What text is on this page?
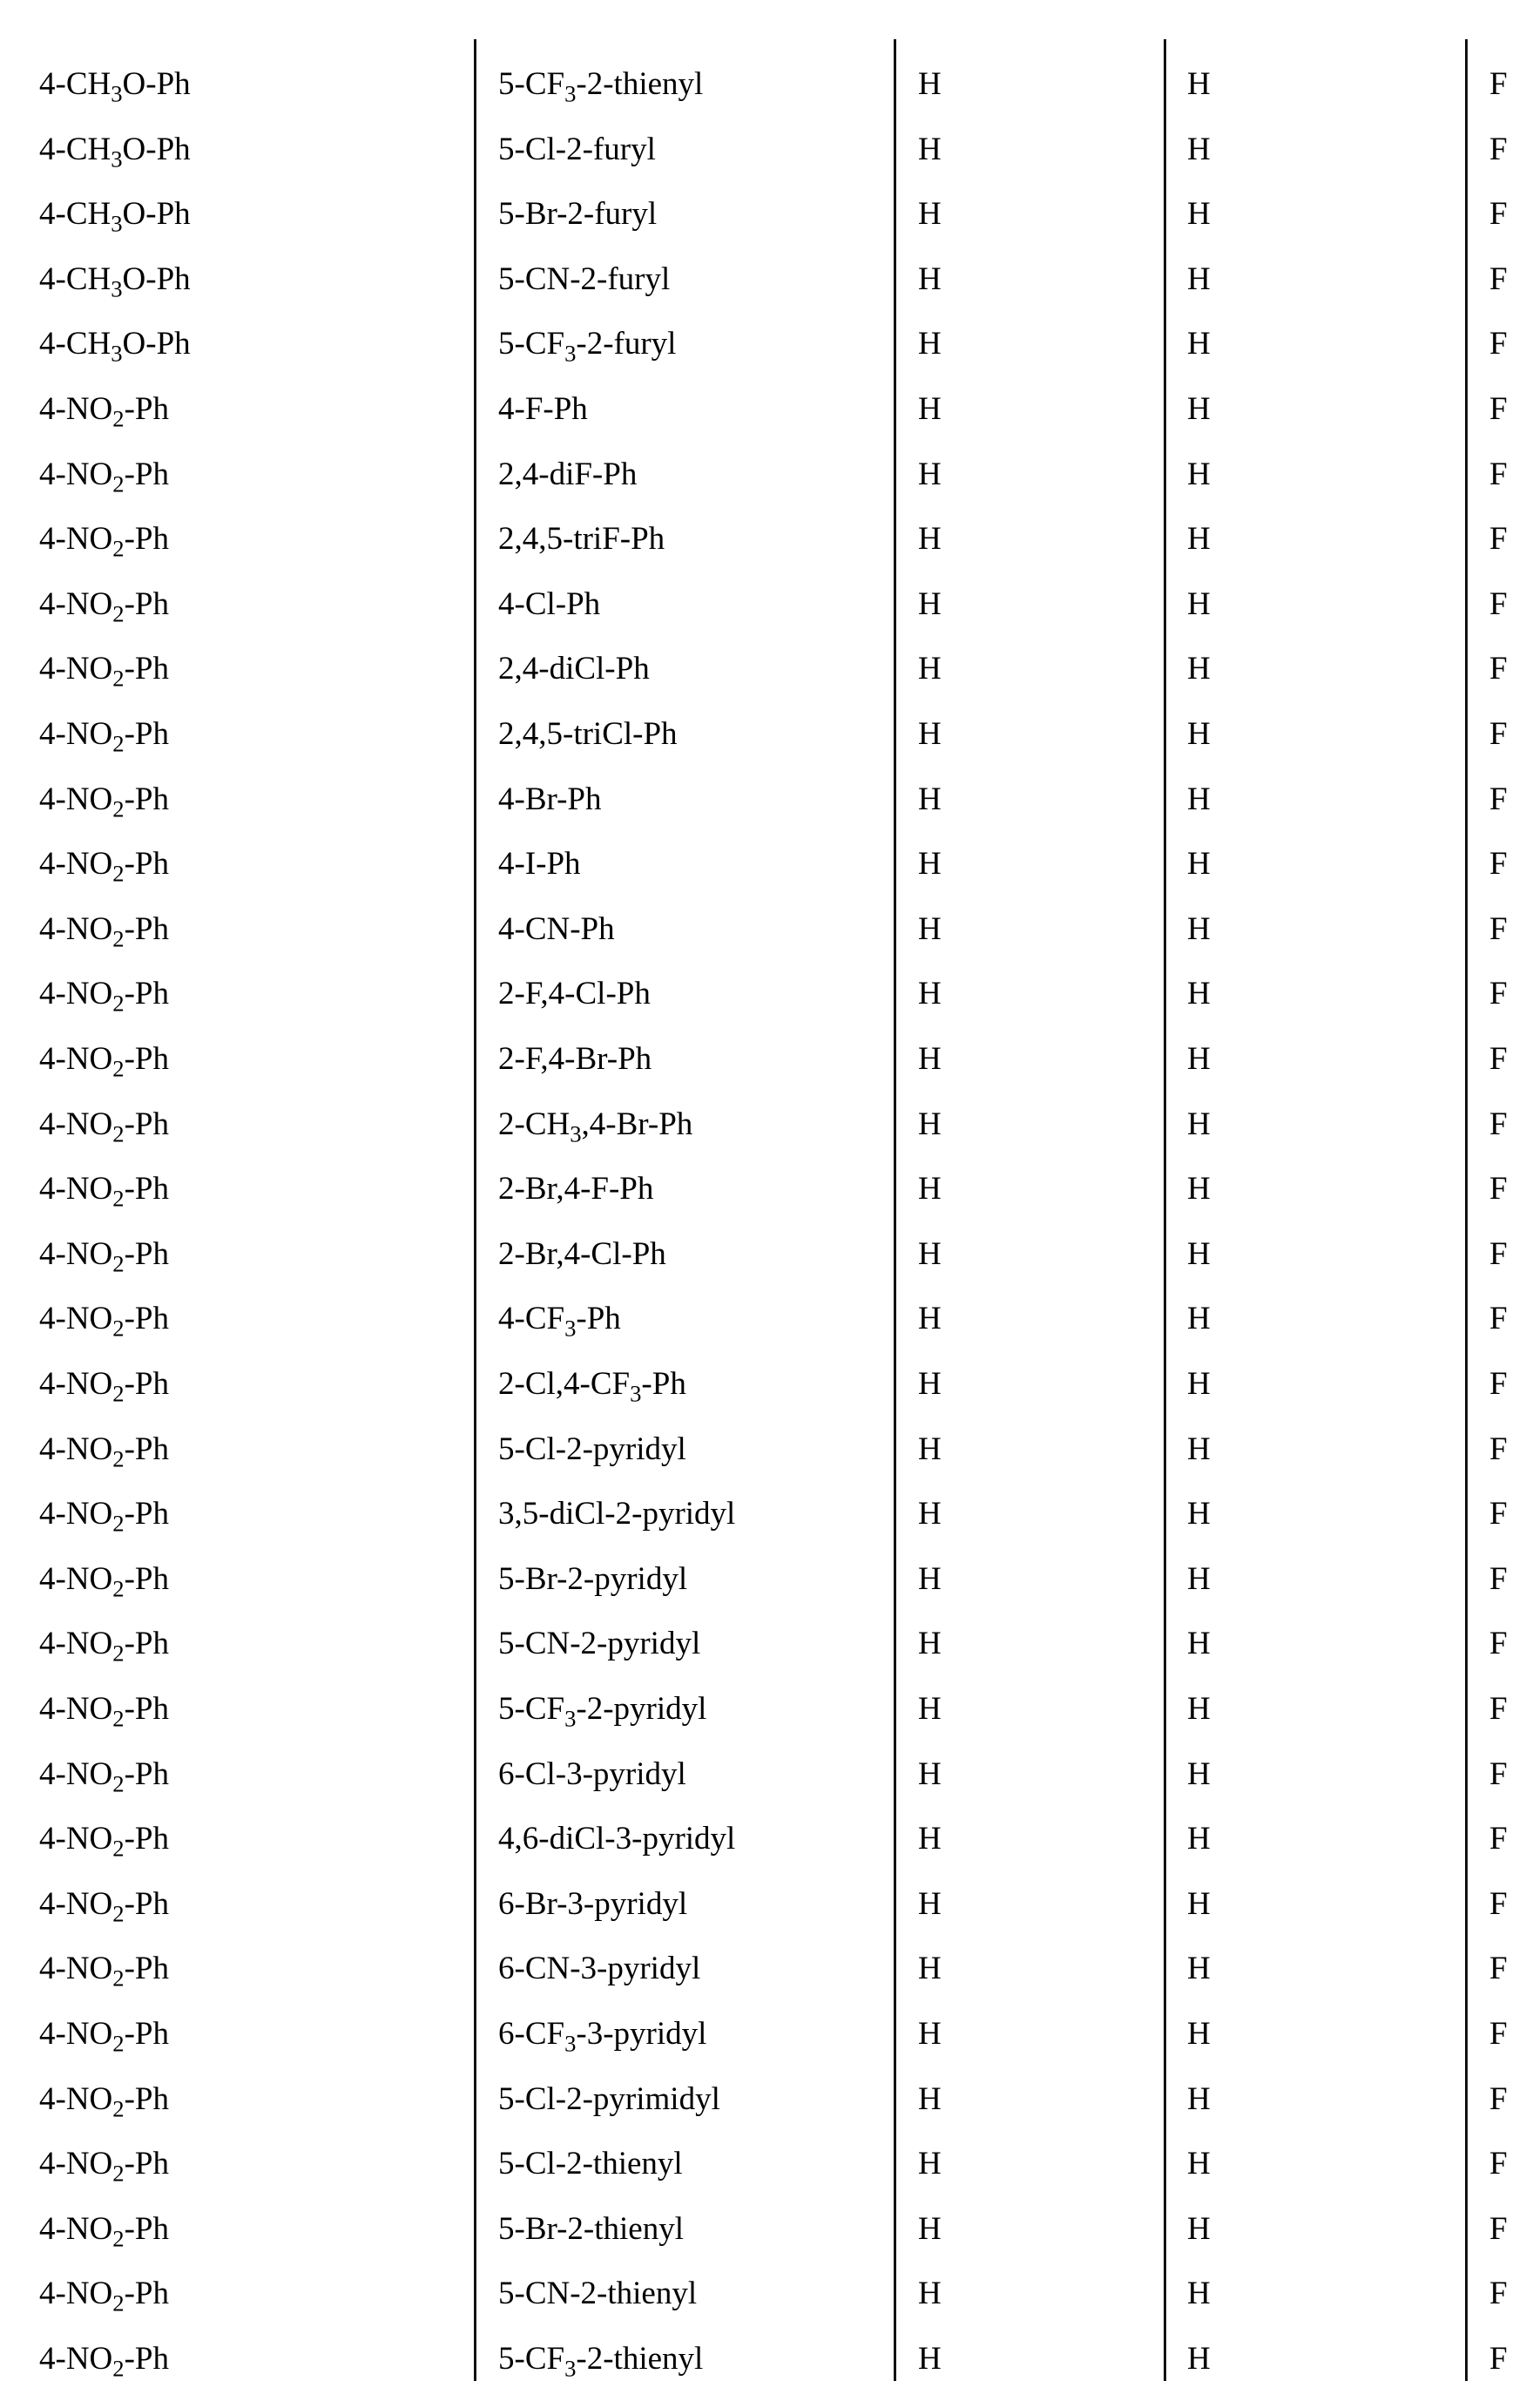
$4-CH_3O-Ph$	$5-CF_3-2$-thienyl	H	H	F
$4-CH_3O-Ph$	5-Cl-2-furyl	H	H	F
$4-CH_3O-Ph$	5-Br-2-furyl	H	H	F
$4-CH_3O-Ph$	5-CN-2-furyl	H	H	F
$4-CH_3O-Ph$	$5-CF_3-2$-furyl	H	H	F
$4-NO_2-Ph$	4-F-Ph	H	H	F
$4-NO_2-Ph$	2,4-diF-Ph	H	H	F
$4-NO_2-Ph$	2,4,5-triF-Ph	H	H	F
$4-NO_2-Ph$	4-Cl-Ph	H	H	F
$4-NO_2-Ph$	2,4-diCl-Ph	H	H	F
$4-NO_2-Ph$	2,4,5-triCl-Ph	H	H	F
$4-NO_2-Ph$	4-Br-Ph	H	H	F
$4-NO_2-Ph$	4-I-Ph	H	H	F
$4-NO_2-Ph$	4-CN-Ph	H	H	F
$4-NO_2-Ph$	2-F,4-Cl-Ph	H	H	F
$4-NO_2-Ph$	2-F,4-Br-Ph	H	H	F
$4-NO_2-Ph$	$2-CH_3,4-Br-Ph$	H	H	F
$4-NO_2-Ph$	2-Br,4-F-Ph	H	H	F
$4-NO_2-Ph$	2-Br,4-Cl-Ph	H	H	F
$4-NO_2-Ph$	$4-CF_3-Ph$	H	H	F
$4-NO_2-Ph$	$2-Cl,4-CF_3-Ph$	H	H	F
$4-NO_2-Ph$	5-Cl-2-pyridyl	H	H	F
$4-NO_2-Ph$	3,5-diCl-2-pyridyl	H	H	F
$4-NO_2-Ph$	5-Br-2-pyridyl	H	H	F
$4-NO_2-Ph$	5-CN-2-pyridyl	H	H	F
$4-NO_2-Ph$	$5-CF_3-2$-pyridyl	H	H	F
$4-NO_2-Ph$	6-Cl-3-pyridyl	H	H	F
$4-NO_2-Ph$	4,6-diCl-3-pyridyl	H	H	F
$4-NO_2-Ph$	6-Br-3-pyridyl	H	H	F
$4-NO_2-Ph$	6-CN-3-pyridyl	H	H	F
$4-NO_2-Ph$	$6-CF_3-3$-pyridyl	H	H	F
$4-NO_2-Ph$	5-Cl-2-pyrimidyl	H	H	F
$4-NO_2-Ph$	5-Cl-2-thienyl	H	H	F
$4-NO_2-Ph$	5-Br-2-thienyl	H	H	F
$4-NO_2-Ph$	5-CN-2-thienyl	H	H	F
$4-NO_2-Ph$	$5-CF_3-2$-thienyl	H	H	F
